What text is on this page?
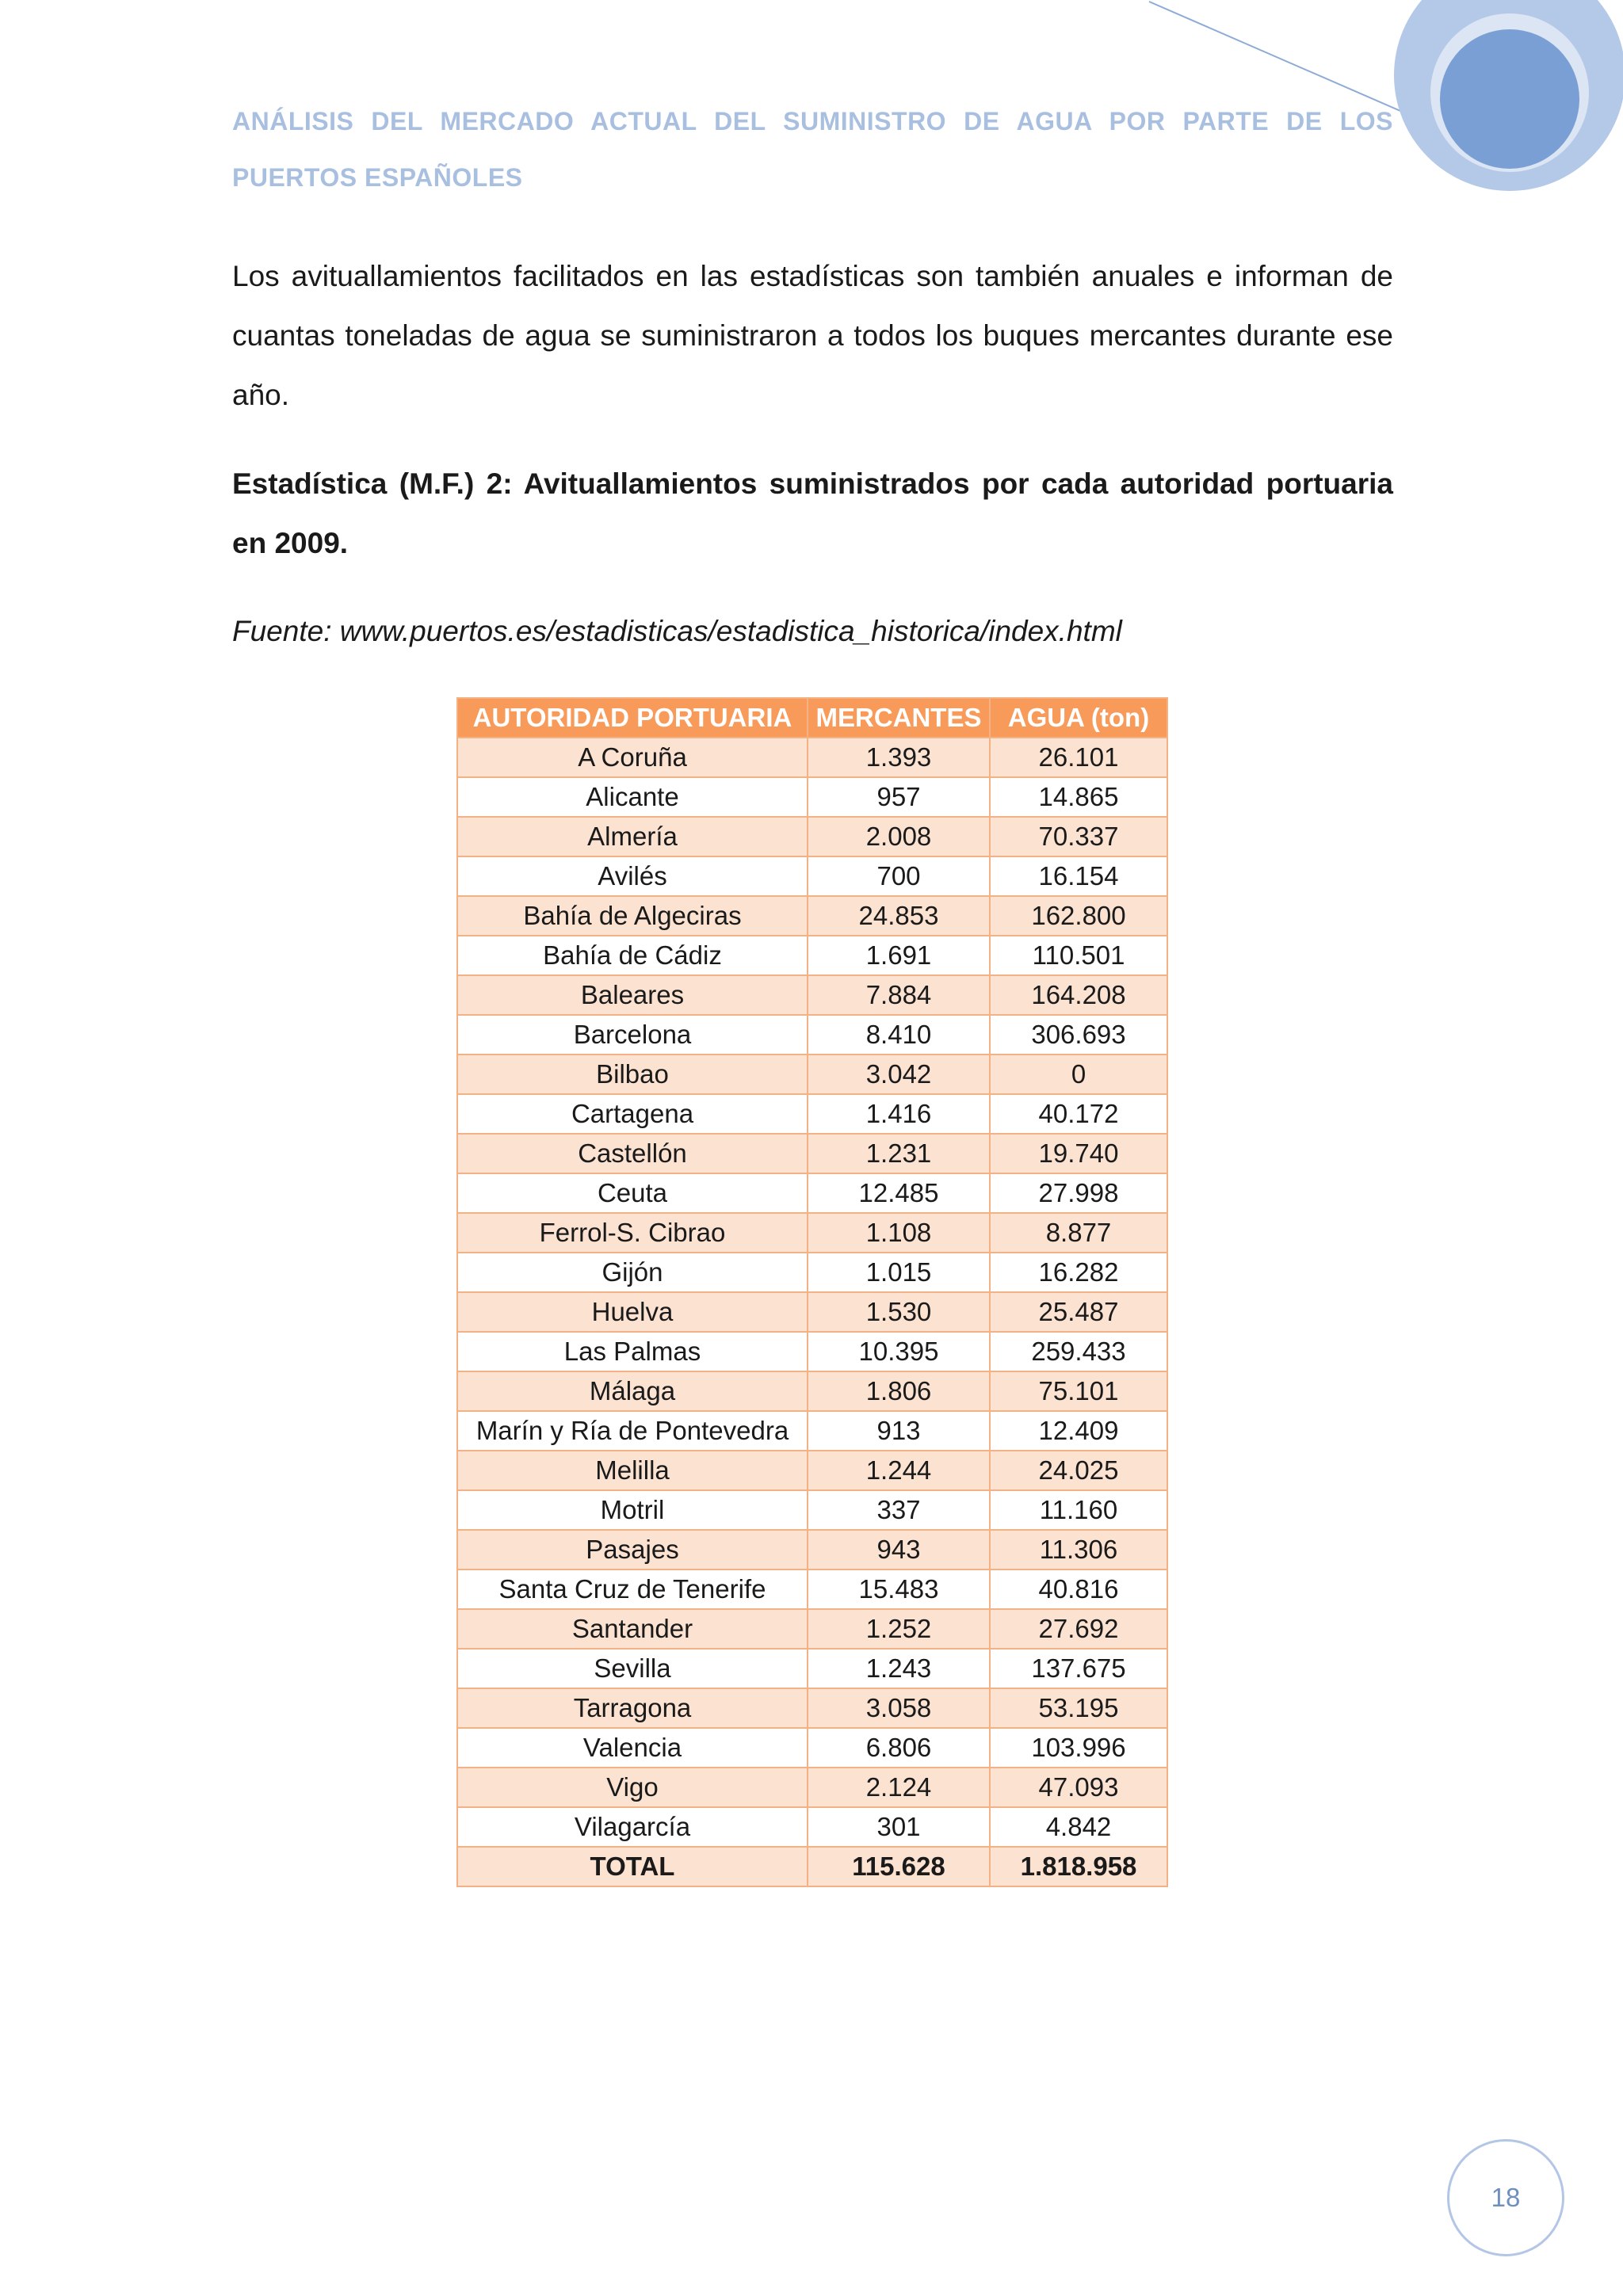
ANÁLISIS DEL MERCADO ACTUAL DEL SUMINISTRO DE AGUA POR PARTE DE LOS PUERTOS ESPAÑOLES
Los avituallamientos facilitados en las estadísticas son también anuales e informan de cuantas toneladas de agua se suministraron a todos los buques mercantes durante ese año.
Estadística (M.F.) 2: Avituallamientos suministrados por cada autoridad portuaria en 2009.
Fuente: www.puertos.es/estadisticas/estadistica_historica/index.html
AUTORIDAD PORTUARIA	MERCANTES	AGUA (ton)
A Coruña	1.393	26.101
Alicante	957	14.865
Almería	2.008	70.337
Avilés	700	16.154
Bahía de Algeciras	24.853	162.800
Bahía de Cádiz	1.691	110.501
Baleares	7.884	164.208
Barcelona	8.410	306.693
Bilbao	3.042	0
Cartagena	1.416	40.172
Castellón	1.231	19.740
Ceuta	12.485	27.998
Ferrol-S. Cibrao	1.108	8.877
Gijón	1.015	16.282
Huelva	1.530	25.487
Las Palmas	10.395	259.433
Málaga	1.806	75.101
Marín y Ría de Pontevedra	913	12.409
Melilla	1.244	24.025
Motril	337	11.160
Pasajes	943	11.306
Santa Cruz de Tenerife	15.483	40.816
Santander	1.252	27.692
Sevilla	1.243	137.675
Tarragona	3.058	53.195
Valencia	6.806	103.996
Vigo	2.124	47.093
Vilagarcía	301	4.842
TOTAL	115.628	1.818.958
18
